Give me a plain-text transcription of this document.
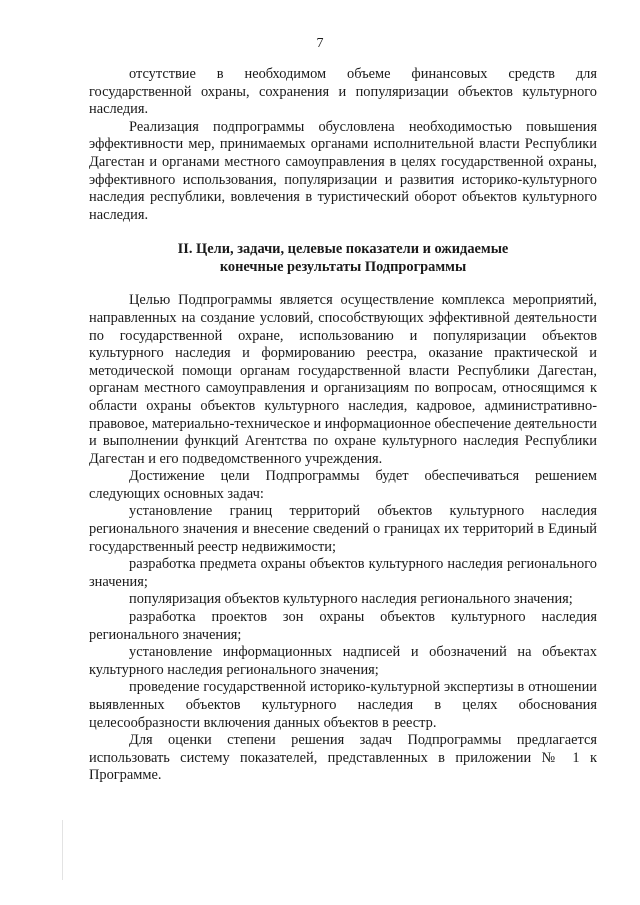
7

отсутствие в необходимом объеме финансовых средств для государственной охраны, сохранения и популяризации объектов культурного наследия.

Реализация подпрограммы обусловлена необходимостью повышения эффективности мер, принимаемых органами исполнительной власти Республики Дагестан и органами местного самоуправления в целях государственной охраны, эффективного использования, популяризации и развития историко-культурного наследия республики, вовлечения в туристический оборот объектов культурного наследия.

II. Цели, задачи, целевые показатели и ожидаемые
конечные результаты Подпрограммы

Целью Подпрограммы является осуществление комплекса мероприятий, направленных на создание условий, способствующих эффективной деятельности по государственной охране, использованию и популяризации объектов культурного наследия и формированию реестра, оказание практической и методической помощи органам государственной власти Республики Дагестан, органам местного самоуправления и организациям по вопросам, относящимся к области охраны объектов культурного наследия, кадровое, административно-правовое, материально-техническое и информационное обеспечение деятельности и выполнении функций Агентства по охране культурного наследия Республики Дагестан и его подведомственного учреждения.

Достижение цели Подпрограммы будет обеспечиваться решением следующих основных задач:

установление границ территорий объектов культурного наследия регионального значения и внесение сведений о границах их территорий в Единый государственный реестр недвижимости;

разработка предмета охраны объектов культурного наследия регионального значения;

популяризация объектов культурного наследия регионального значения;

разработка проектов зон охраны объектов культурного наследия регионального значения;

установление информационных надписей и обозначений на объектах культурного наследия регионального значения;

проведение государственной историко-культурной экспертизы в отношении выявленных объектов культурного наследия в целях обоснования целесообразности включения данных объектов в реестр.

Для оценки степени решения задач Подпрограммы предлагается использовать систему показателей, представленных в приложении № 1 к Программе.
